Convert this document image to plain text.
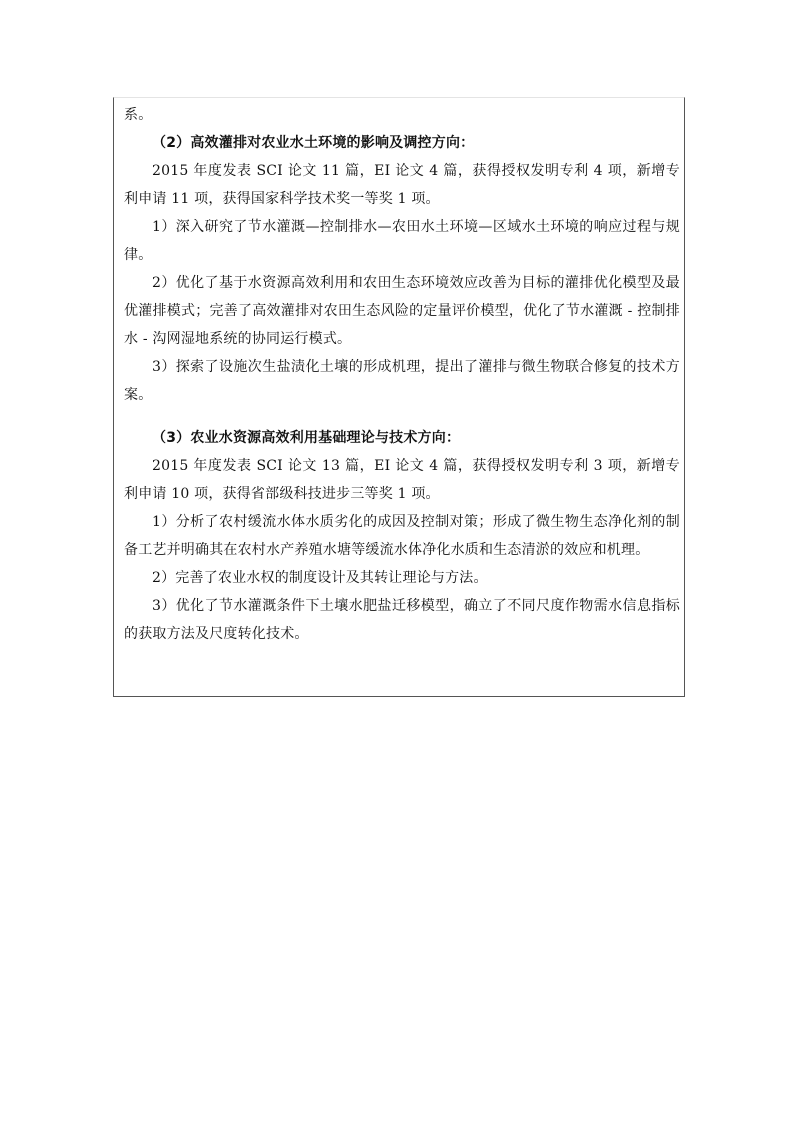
系。

（2）高效灌排对农业水土环境的影响及调控方向：

2015 年度发表 SCI 论文 11 篇，EI 论文 4 篇，获得授权发明专利 4 项，新增专利申请 11 项，获得国家科学技术奖一等奖 1 项。

1）深入研究了节水灌溉—控制排水—农田水土环境—区域水土环境的响应过程与规律。

2）优化了基于水资源高效利用和农田生态环境效应改善为目标的灌排优化模型及最优灌排模式；完善了高效灌排对农田生态风险的定量评价模型，优化了节水灌溉 - 控制排水 - 沟网湿地系统的协同运行模式。

3）探索了设施次生盐渍化土壤的形成机理，提出了灌排与微生物联合修复的技术方案。

（3）农业水资源高效利用基础理论与技术方向：

2015 年度发表 SCI 论文 13 篇，EI 论文 4 篇，获得授权发明专利 3 项，新增专利申请 10 项，获得省部级科技进步三等奖 1 项。

1）分析了农村缓流水体水质劣化的成因及控制对策；形成了微生物生态净化剂的制备工艺并明确其在农村水产养殖水塘等缓流水体净化水质和生态清淤的效应和机理。

2）完善了农业水权的制度设计及其转让理论与方法。

3）优化了节水灌溉条件下土壤水肥盐迁移模型，确立了不同尺度作物需水信息指标的获取方法及尺度转化技术。
